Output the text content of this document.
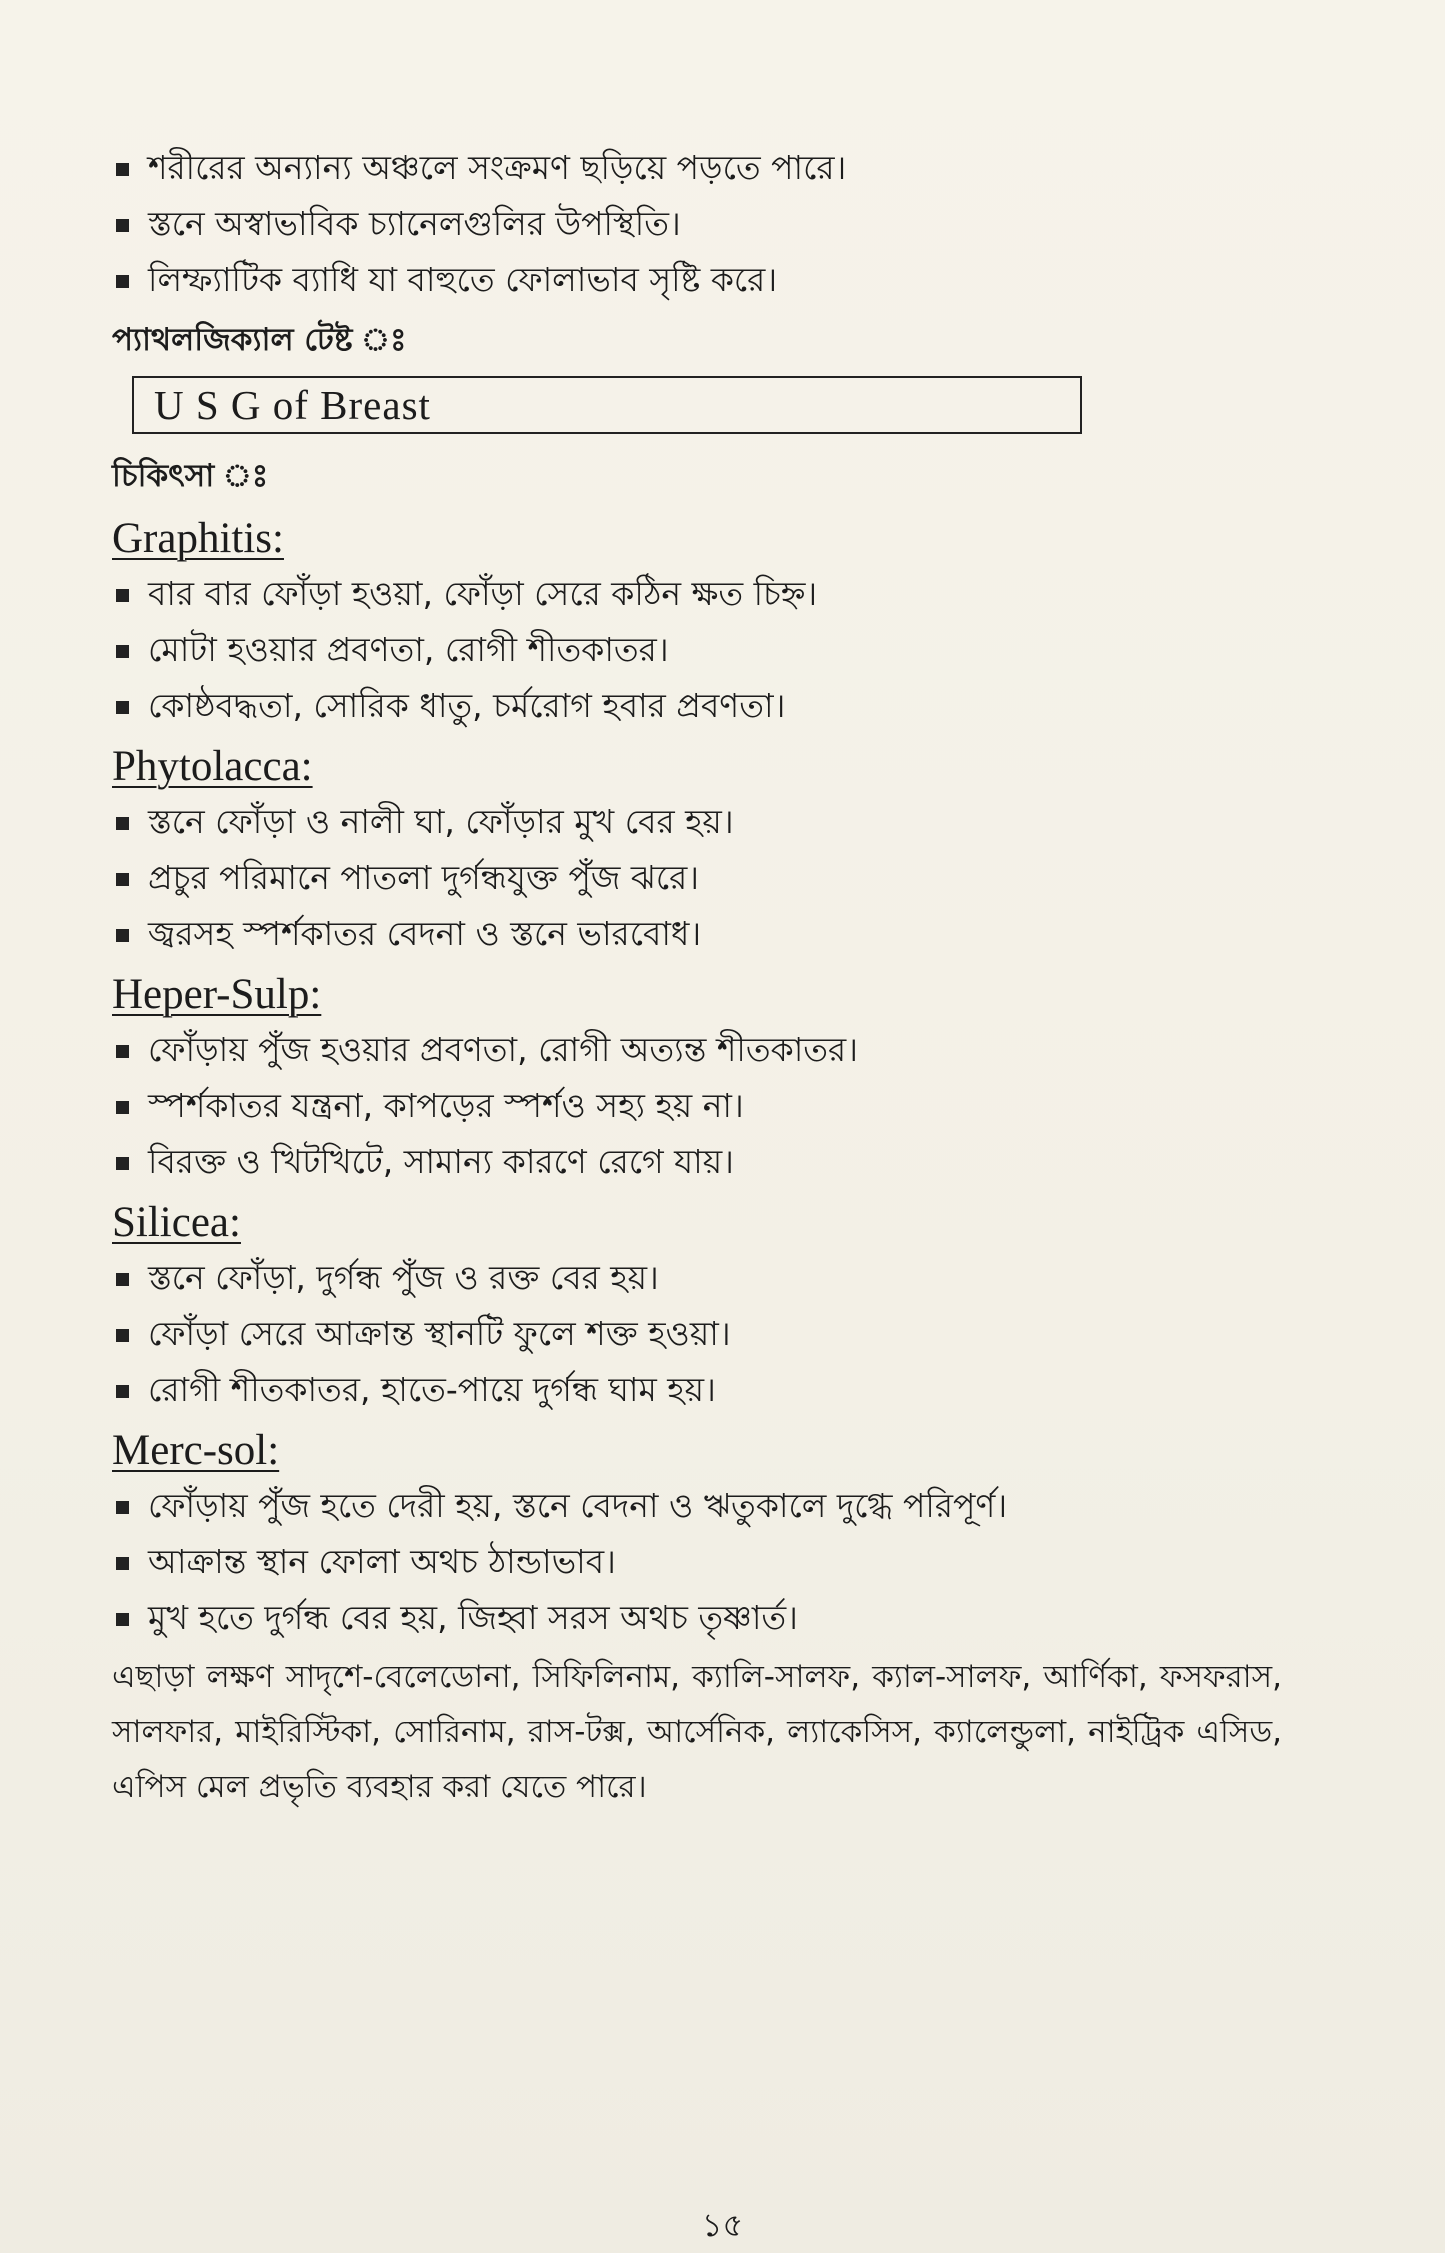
শরীরের অন্যান্য অঞ্চলে সংক্রমণ ছড়িয়ে পড়তে পারে।
স্তনে অস্বাভাবিক চ্যানেলগুলির উপস্থিতি।
লিম্ফ্যাটিক ব্যাধি যা বাহুতে ফোলাভাব সৃষ্টি করে।
প্যাথলজিক্যাল টেষ্ট ঃ
U S G of Breast
চিকিৎসা ঃ
Graphitis:
বার বার ফোঁড়া হওয়া, ফোঁড়া সেরে কঠিন ক্ষত চিহ্ন।
মোটা হওয়ার প্রবণতা, রোগী শীতকাতর।
কোষ্ঠবদ্ধতা, সোরিক ধাতু, চর্মরোগ হবার প্রবণতা।
Phytolacca:
স্তনে ফোঁড়া ও নালী ঘা, ফোঁড়ার মুখ বের হয়।
প্রচুর পরিমানে পাতলা দুর্গন্ধযুক্ত পুঁজ ঝরে।
জ্বরসহ স্পর্শকাতর বেদনা ও স্তনে ভারবোধ।
Heper-Sulp:
ফোঁড়ায় পুঁজ হওয়ার প্রবণতা, রোগী অত্যন্ত শীতকাতর।
স্পর্শকাতর যন্ত্রনা, কাপড়ের স্পর্শও সহ্য হয় না।
বিরক্ত ও খিটখিটে, সামান্য কারণে রেগে যায়।
Silicea:
স্তনে ফোঁড়া, দুর্গন্ধ পুঁজ ও রক্ত বের হয়।
ফোঁড়া সেরে আক্রান্ত স্থানটি ফুলে শক্ত হওয়া।
রোগী শীতকাতর, হাতে-পায়ে দুর্গন্ধ ঘাম হয়।
Merc-sol:
ফোঁড়ায় পুঁজ হতে দেরী হয়, স্তনে বেদনা ও ঋতুকালে দুগ্ধে পরিপূর্ণ।
আক্রান্ত স্থান ফোলা অথচ ঠান্ডাভাব।
মুখ হতে দুর্গন্ধ বের হয়, জিহ্বা সরস অথচ তৃষ্ণার্ত।
এছাড়া লক্ষণ সাদৃশে-বেলেডোনা, সিফিলিনাম, ক্যালি-সালফ, ক্যাল-সালফ, আর্ণিকা, ফসফরাস, সালফার, মাইরিস্টিকা, সোরিনাম, রাস-টক্স, আর্সেনিক, ল্যাকেসিস, ক্যালেন্ডুলা, নাইট্রিক এসিড, এপিস মেল প্রভৃতি ব্যবহার করা যেতে পারে।
১৫
